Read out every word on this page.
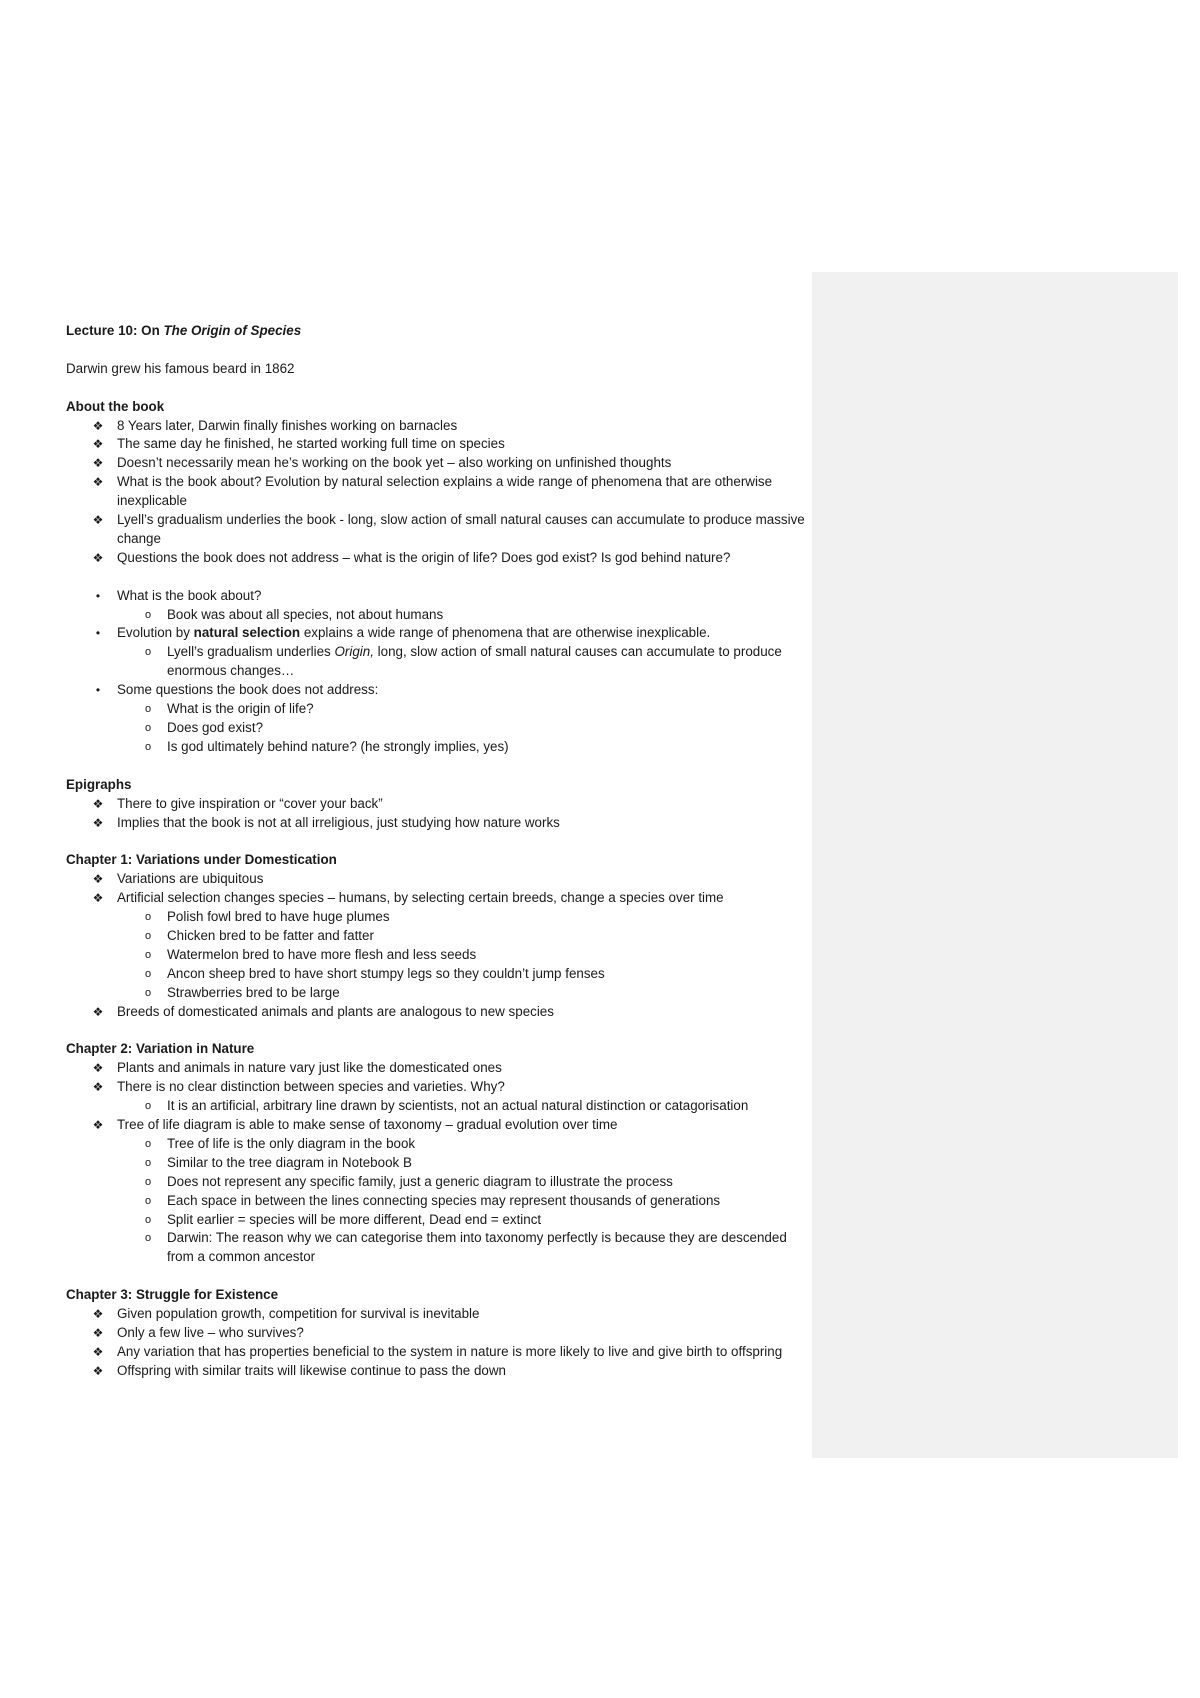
Lecture 10: On The Origin of Species

Darwin grew his famous beard in 1862

About the book

❖ 8 Years later, Darwin finally finishes working on barnacles
❖ The same day he finished, he started working full time on species
❖ Doesn’t necessarily mean he’s working on the book yet – also working on unfinished thoughts
❖ What is the book about? Evolution by natural selection explains a wide range of phenomena that are otherwise inexplicable
❖ Lyell’s gradualism underlies the book - long, slow action of small natural causes can accumulate to produce massive change
❖ Questions the book does not address – what is the origin of life? Does god exist? Is god behind nature?
•	What is the book about?
o Book was about all species, not about humans
•	Evolution by natural selection explains a wide range of phenomena that are otherwise inexplicable.
o Lyell’s gradualism underlies Origin, long, slow action of small natural causes can accumulate to produce enormous changes…
•	Some questions the book does not address:
o What is the origin of life?
o Does god exist?
o Is god ultimately behind nature? (he strongly implies, yes)

Epigraphs

❖ There to give inspiration or “cover your back”
❖ Implies that the book is not at all irreligious, just studying how nature works

Chapter 1: Variations under Domestication

❖ Variations are ubiquitous
❖ Artificial selection changes species – humans, by selecting certain breeds, change a species over time
o Polish fowl bred to have huge plumes
o Chicken bred to be fatter and fatter
o Watermelon bred to have more flesh and less seeds
o Ancon sheep bred to have short stumpy legs so they couldn’t jump fenses
o Strawberries bred to be large
❖ Breeds of domesticated animals and plants are analogous to new species

Chapter 2: Variation in Nature

❖ Plants and animals in nature vary just like the domesticated ones
❖ There is no clear distinction between species and varieties. Why?
o It is an artificial, arbitrary line drawn by scientists, not an actual natural distinction or catagorisation
❖ Tree of life diagram is able to make sense of taxonomy – gradual evolution over time
o Tree of life is the only diagram in the book
o Similar to the tree diagram in Notebook B
o Does not represent any specific family, just a generic diagram to illustrate the process
o Each space in between the lines connecting species may represent thousands of generations
o Split earlier = species will be more different, Dead end = extinct
o Darwin: The reason why we can categorise them into taxonomy perfectly is because they are descended from a common ancestor

Chapter 3: Struggle for Existence

❖ Given population growth, competition for survival is inevitable
❖ Only a few live – who survives?
❖ Any variation that has properties beneficial to the system in nature is more likely to live and give birth to offspring
❖ Offspring with similar traits will likewise continue to pass the down
